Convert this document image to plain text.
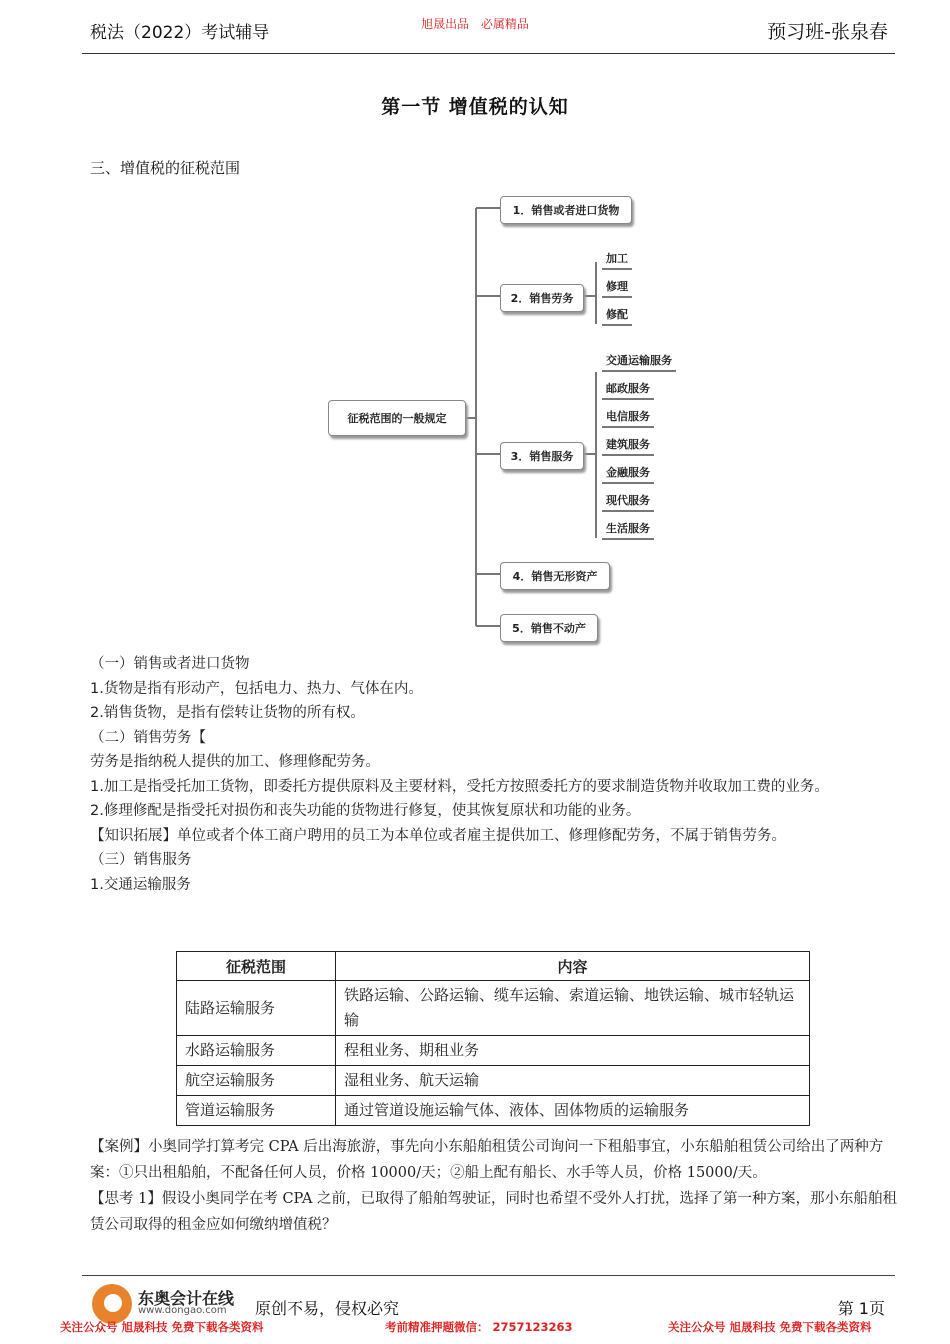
税法（2022）考试辅导	旭晟出品 必属精品	预习班-张泉春
第一节 增值税的认知
三、增值税的征税范围
征税范围的一般规定
1．销售或者进口货物
2．销售劳务
加工
修理
修配
3．销售服务
交通运输服务
邮政服务
电信服务
建筑服务
金融服务
现代服务
生活服务
4．销售无形资产
5．销售不动产

（一）销售或者进口货物

1.货物是指有形动产，包括电力、热力、气体在内。

2.销售货物，是指有偿转让货物的所有权。

（二）销售劳务【

劳务是指纳税人提供的加工、修理修配劳务。

1.加工是指受托加工货物，即委托方提供原料及主要材料，受托方按照委托方的要求制造货物并收取加工费的业务。

2.修理修配是指受托对损伤和丧失功能的货物进行修复，使其恢复原状和功能的业务。

【知识拓展】单位或者个体工商户聘用的员工为本单位或者雇主提供加工、修理修配劳务，不属于销售劳务。

（三）销售服务

1.交通运输服务

征税范围	内容
陆路运输服务	铁路运输、公路运输、缆车运输、索道运输、地铁运输、城市轻轨运输
水路运输服务	程租业务、期租业务
航空运输服务	湿租业务、航天运输
管道运输服务	通过管道设施运输气体、液体、固体物质的运输服务

【案例】小奥同学打算考完 CPA 后出海旅游，事先向小东船舶租赁公司询问一下租船事宜，小东船舶租赁公司给出了两种方案：①只出租船舶，不配备任何人员，价格 10000/天；②船上配有船长、水手等人员，价格 15000/天。

【思考 1】假设小奥同学在考 CPA 之前，已取得了船舶驾驶证，同时也希望不受外人打扰，选择了第一种方案，那小东船舶租赁公司取得的租金应如何缴纳增值税？

东奥会计在线
www.dongao.com 原创不易，侵权必究	第 1页
关注公众号 旭晟科技 免费下载各类资料	考前精准押题微信： 2757123263	关注公众号 旭晟科技 免费下载各类资料
